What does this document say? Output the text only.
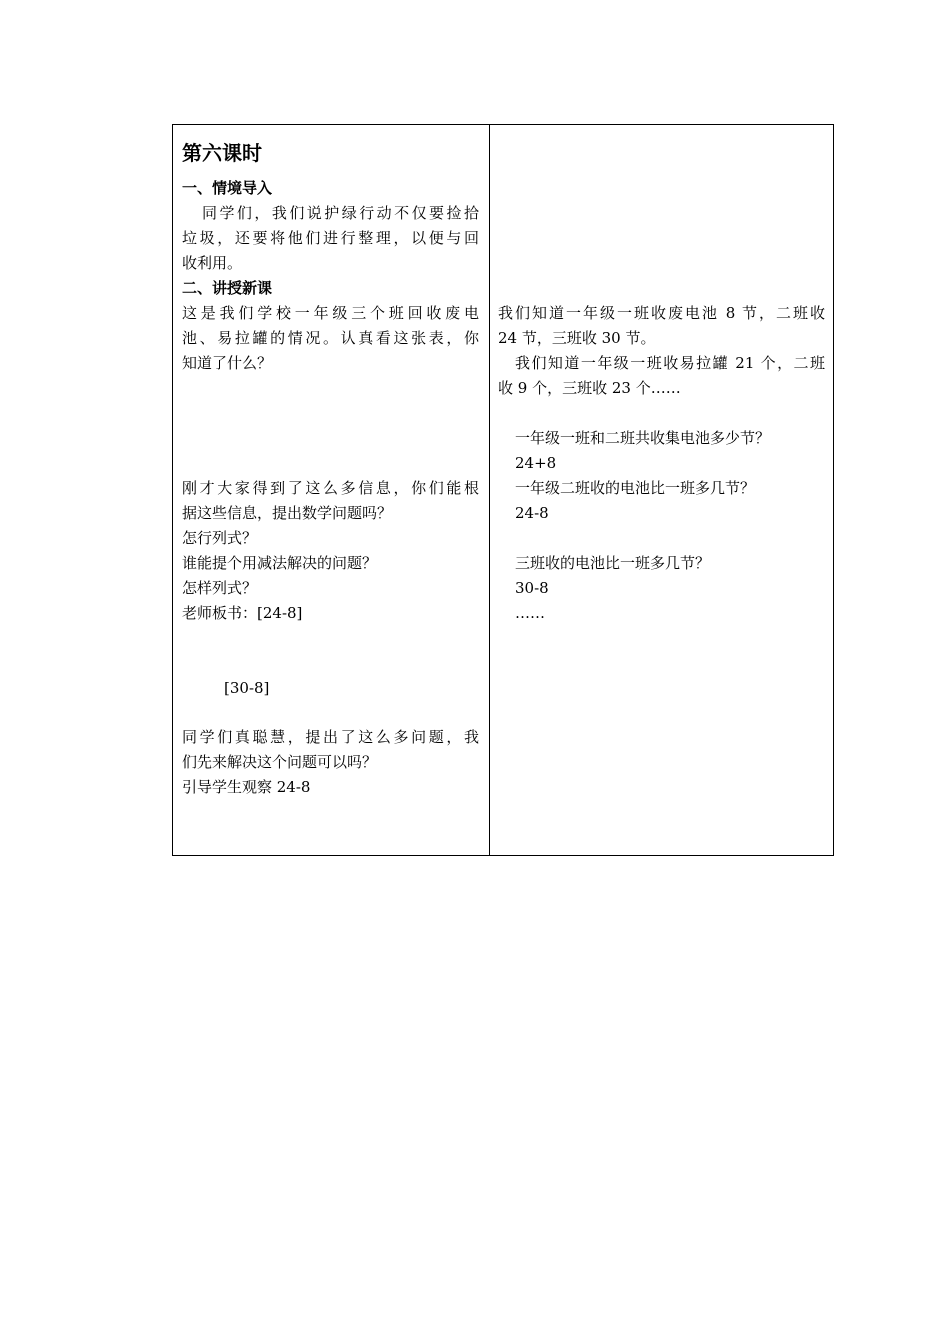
第六课时
一、情境导入
同学们，我们说护绿行动不仅要捡拾
垃圾，还要将他们进行整理，以便与回
收利用。
二、讲授新课
这是我们学校一年级三个班回收废电
池、易拉罐的情况。认真看这张表，你
知道了什么？
刚才大家得到了这么多信息，你们能根
据这些信息，提出数学问题吗？
怎行列式？
谁能提个用减法解决的问题？
怎样列式？
老师板书：[24-8]
[30-8]
同学们真聪慧，提出了这么多问题，我
们先来解决这个问题可以吗？
引导学生观察 24-8
我们知道一年级一班收废电池 8 节，二班收
24 节，三班收 30 节。
我们知道一年级一班收易拉罐 21 个，二班
收 9 个，三班收 23 个……
一年级一班和二班共收集电池多少节？
24+8
一年级二班收的电池比一班多几节？
24-8
三班收的电池比一班多几节？
30-8
……
